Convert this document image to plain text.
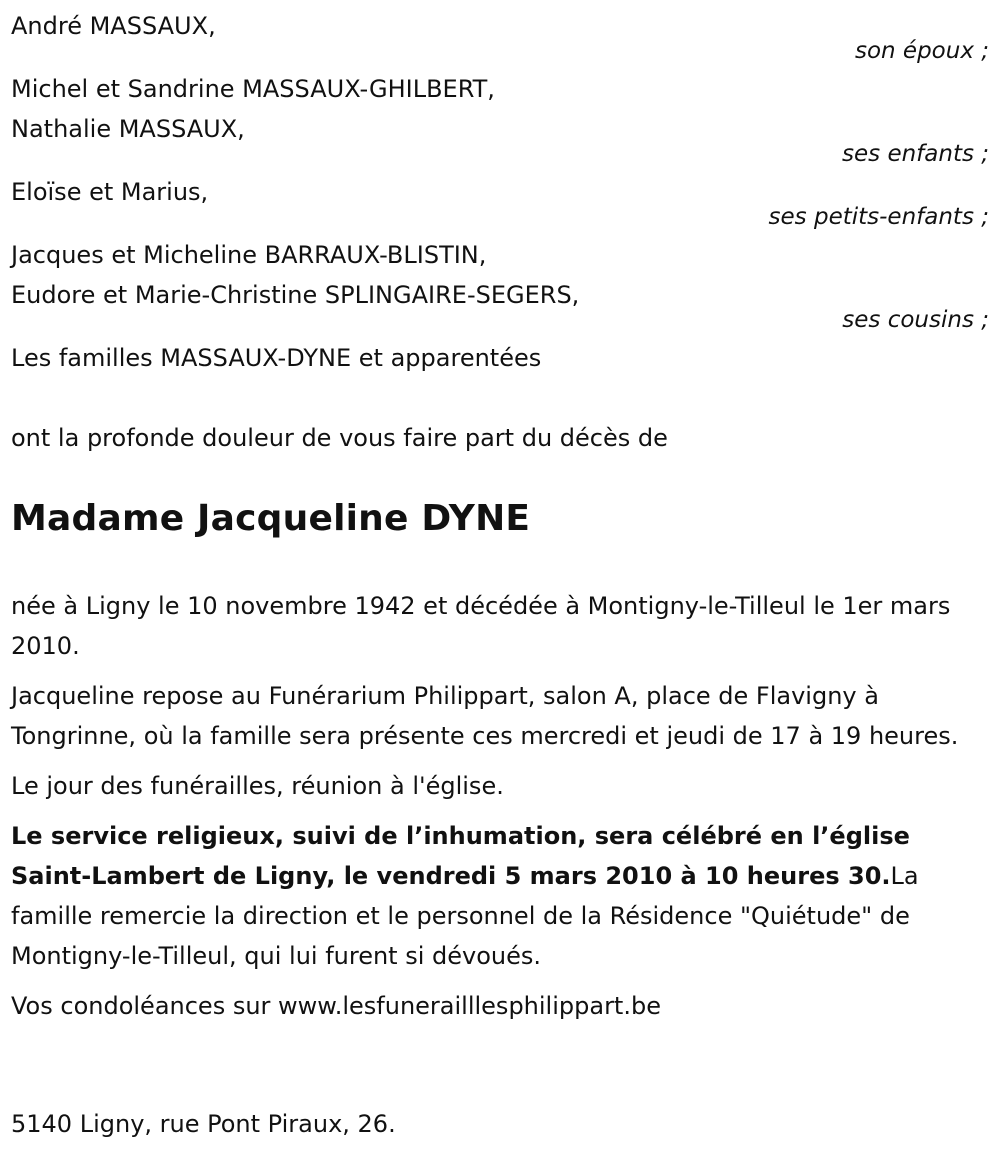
André MASSAUX,
son époux ;
Michel et Sandrine MASSAUX-GHILBERT,
Nathalie MASSAUX,
ses enfants ;
Eloïse et Marius,
ses petits-enfants ;
Jacques et Micheline BARRAUX-BLISTIN,
Eudore et Marie-Christine SPLINGAIRE-SEGERS,
ses cousins ;
Les familles MASSAUX-DYNE et apparentées
ont la profonde douleur de vous faire part du décès de
Madame Jacqueline DYNE

née à Ligny le 10 novembre 1942 et décédée à Montigny-le-Tilleul le 1er mars 2010.

Jacqueline repose au Funérarium Philippart, salon A, place de Flavigny à Tongrinne, où la famille sera présente ces mercredi et jeudi de 17 à 19 heures.

Le jour des funérailles, réunion à l'église.

Le service religieux, suivi de l’inhumation, sera célébré en l’église Saint-Lambert de Ligny, le vendredi 5 mars 2010 à 10 heures 30.La famille remercie la direction et le personnel de la Résidence "Quiétude" de Montigny-le-Tilleul, qui lui furent si dévoués.

Vos condoléances sur www.lesfunerailllesphilippart.be

5140 Ligny, rue Pont Piraux, 26.
